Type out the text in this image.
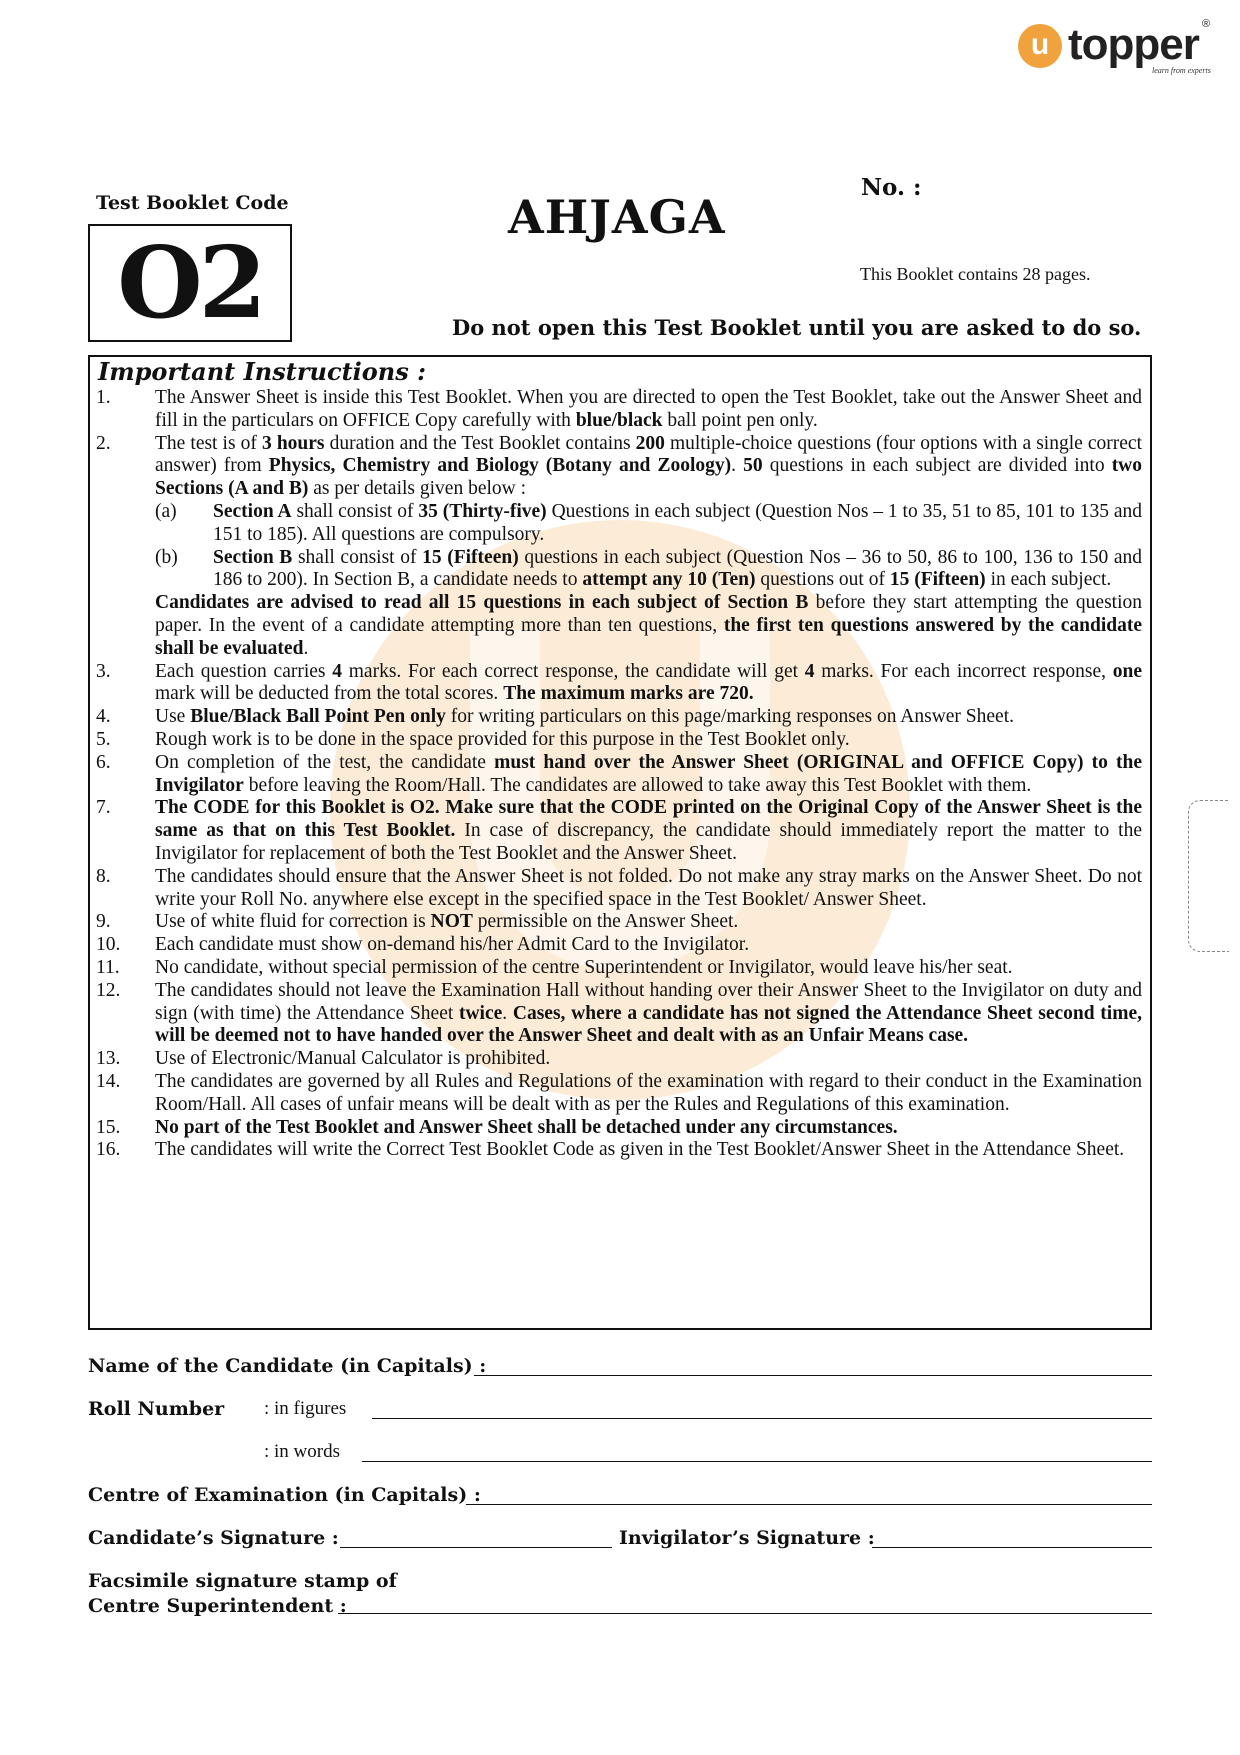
u topper ®
learn from experts
Test Booklet Code
O2
AHJAGA
No. :
This Booklet contains 28 pages.
Do not open this Test Booklet until you are asked to do so.
Important Instructions :
1. The Answer Sheet is inside this Test Booklet. When you are directed to open the Test Booklet, take out the Answer Sheet and fill in the particulars on OFFICE Copy carefully with blue/black ball point pen only.
2. The test is of 3 hours duration and the Test Booklet contains 200 multiple-choice questions (four options with a single correct answer) from Physics, Chemistry and Biology (Botany and Zoology). 50 questions in each subject are divided into two Sections (A and B) as per details given below :
(a) Section A shall consist of 35 (Thirty-five) Questions in each subject (Question Nos – 1 to 35, 51 to 85, 101 to 135 and 151 to 185). All questions are compulsory.
(b) Section B shall consist of 15 (Fifteen) questions in each subject (Question Nos – 36 to 50, 86 to 100, 136 to 150 and 186 to 200). In Section B, a candidate needs to attempt any 10 (Ten) questions out of 15 (Fifteen) in each subject.
Candidates are advised to read all 15 questions in each subject of Section B before they start attempting the question paper. In the event of a candidate attempting more than ten questions, the first ten questions answered by the candidate shall be evaluated.
3. Each question carries 4 marks. For each correct response, the candidate will get 4 marks. For each incorrect response, one mark will be deducted from the total scores. The maximum marks are 720.
4. Use Blue/Black Ball Point Pen only for writing particulars on this page/marking responses on Answer Sheet.
5. Rough work is to be done in the space provided for this purpose in the Test Booklet only.
6. On completion of the test, the candidate must hand over the Answer Sheet (ORIGINAL and OFFICE Copy) to the Invigilator before leaving the Room/Hall. The candidates are allowed to take away this Test Booklet with them.
7. The CODE for this Booklet is O2. Make sure that the CODE printed on the Original Copy of the Answer Sheet is the same as that on this Test Booklet. In case of discrepancy, the candidate should immediately report the matter to the Invigilator for replacement of both the Test Booklet and the Answer Sheet.
8. The candidates should ensure that the Answer Sheet is not folded. Do not make any stray marks on the Answer Sheet. Do not write your Roll No. anywhere else except in the specified space in the Test Booklet/ Answer Sheet.
9. Use of white fluid for correction is NOT permissible on the Answer Sheet.
10. Each candidate must show on-demand his/her Admit Card to the Invigilator.
11. No candidate, without special permission of the centre Superintendent or Invigilator, would leave his/her seat.
12. The candidates should not leave the Examination Hall without handing over their Answer Sheet to the Invigilator on duty and sign (with time) the Attendance Sheet twice. Cases, where a candidate has not signed the Attendance Sheet second time, will be deemed not to have handed over the Answer Sheet and dealt with as an Unfair Means case.
13. Use of Electronic/Manual Calculator is prohibited.
14. The candidates are governed by all Rules and Regulations of the examination with regard to their conduct in the Examination Room/Hall. All cases of unfair means will be dealt with as per the Rules and Regulations of this examination.
15. No part of the Test Booklet and Answer Sheet shall be detached under any circumstances.
16. The candidates will write the Correct Test Booklet Code as given in the Test Booklet/Answer Sheet in the Attendance Sheet.
Name of the Candidate (in Capitals) :
Roll Number : in figures
: in words
Centre of Examination (in Capitals) :
Candidate’s Signature :	Invigilator’s Signature :
Facsimile signature stamp of
Centre Superintendent :
